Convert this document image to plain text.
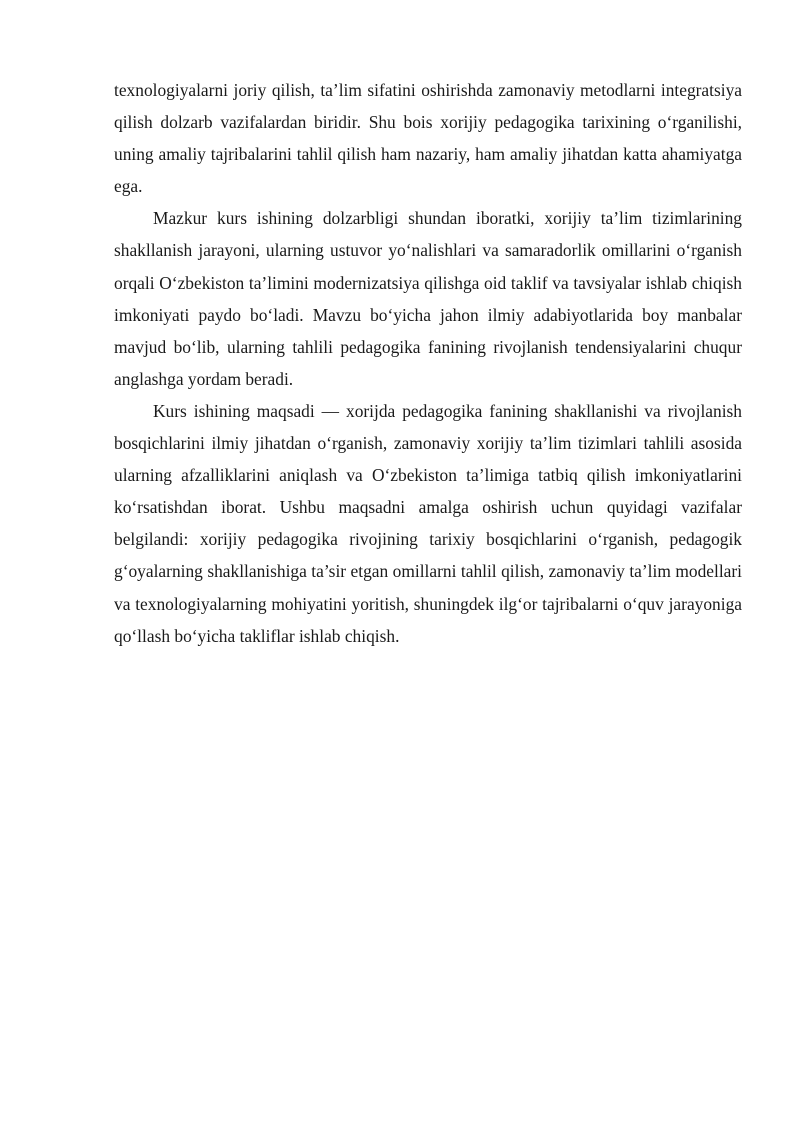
texnologiyalarni joriy qilish, ta’lim sifatini oshirishda zamonaviy metodlarni integratsiya qilish dolzarb vazifalardan biridir. Shu bois xorijiy pedagogika tarixining o‘rganilishi, uning amaliy tajribalarini tahlil qilish ham nazariy, ham amaliy jihatdan katta ahamiyatga ega.

Mazkur kurs ishining dolzarbligi shundan iboratki, xorijiy ta’lim tizimlarining shakllanish jarayoni, ularning ustuvor yo‘nalishlari va samaradorlik omillarini o‘rganish orqali O‘zbekiston ta’limini modernizatsiya qilishga oid taklif va tavsiyalar ishlab chiqish imkoniyati paydo bo‘ladi. Mavzu bo‘yicha jahon ilmiy adabiyotlarida boy manbalar mavjud bo‘lib, ularning tahlili pedagogika fanining rivojlanish tendensiyalarini chuqur anglashga yordam beradi.

Kurs ishining maqsadi — xorijda pedagogika fanining shakllanishi va rivojlanish bosqichlarini ilmiy jihatdan o‘rganish, zamonaviy xorijiy ta’lim tizimlari tahlili asosida ularning afzalliklarini aniqlash va O‘zbekiston ta’limiga tatbiq qilish imkoniyatlarini ko‘rsatishdan iborat. Ushbu maqsadni amalga oshirish uchun quyidagi vazifalar belgilandi: xorijiy pedagogika rivojining tarixiy bosqichlarini o‘rganish, pedagogik g‘oyalarning shakllanishiga ta’sir etgan omillarni tahlil qilish, zamonaviy ta’lim modellari va texnologiyalarning mohiyatini yoritish, shuningdek ilg‘or tajribalarni o‘quv jarayoniga qo‘llash bo‘yicha takliflar ishlab chiqish.
